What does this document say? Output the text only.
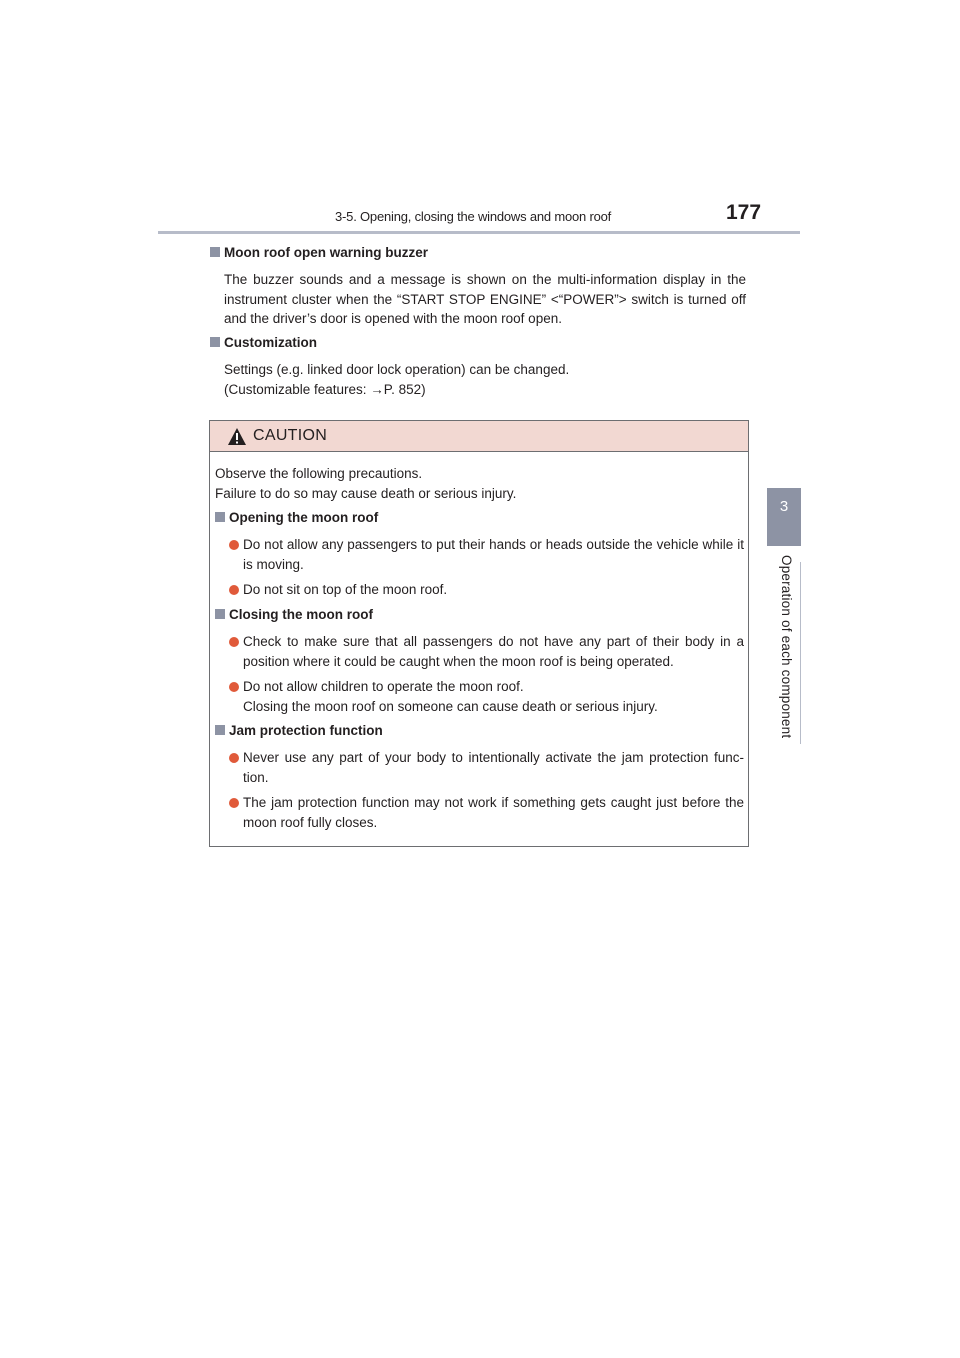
3-5. Opening, closing the windows and moon roof	177
3
Operation of each component
Moon roof open warning buzzer
The buzzer sounds and a message is shown on the multi-information display in the instrument cluster when the “START STOP ENGINE” <“POWER”> switch is turned off and the driver’s door is opened with the moon roof open.
Customization
Settings (e.g. linked door lock operation) can be changed.
(Customizable features: →P. 852)
CAUTION
Observe the following precautions.
Failure to do so may cause death or serious injury.
Opening the moon roof
Do not allow any passengers to put their hands or heads outside the vehicle while it is moving.
Do not sit on top of the moon roof.
Closing the moon roof
Check to make sure that all passengers do not have any part of their body in a position where it could be caught when the moon roof is being operated.
Do not allow children to operate the moon roof.
Closing the moon roof on someone can cause death or serious injury.
Jam protection function
Never use any part of your body to intentionally activate the jam protection func-tion.
The jam protection function may not work if something gets caught just before the moon roof fully closes.
